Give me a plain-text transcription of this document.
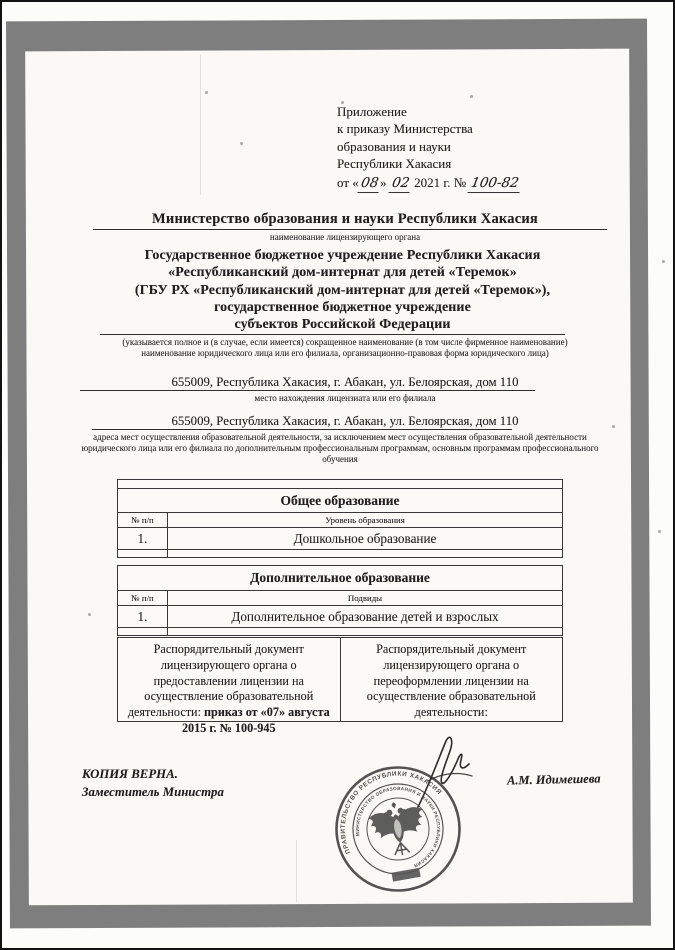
Приложение
к приказу Министерства
образования и науки
Республики Хакасия
от «08» 02 2021 г. № 100-82
Министерство образования и науки Республики Хакасия
наименование лицензирующего органа
Государственное бюджетное учреждение Республики Хакасия
«Республиканский дом-интернат для детей «Теремок»
(ГБУ РХ «Республиканский дом-интернат для детей «Теремок»),
государственное бюджетное учреждение
субъектов Российской Федерации
(указывается полное и (в случае, если имеется) сокращенное наименование (в том числе фирменное наименование) наименование юридического лица или его филиала, организационно-правовая форма юридического лица)
655009, Республика Хакасия, г. Абакан, ул. Белоярская, дом 110
место нахождения лицензиата или его филиала
655009, Республика Хакасия, г. Абакан, ул. Белоярская, дом 110
адреса мест осуществления образовательной деятельности, за исключением мест осуществления образовательной деятельности юридического лица или его филиала по дополнительным профессиональным программам, основным программам профессионального обучения
Общее образование
№ п/п	Уровень образования
1.	Дошкольное образование
Дополнительное образование
№ п/п	Подвиды
1.	Дополнительное образование детей и взрослых
Распорядительный документ лицензирующего органа о предоставлении лицензии на осуществление образовательной деятельности: приказ от «07» августа 2015 г. № 100-945
Распорядительный документ лицензирующего органа о переоформлении лицензии на осуществление образовательной деятельности:
КОПИЯ ВЕРНА.
Заместитель Министра
А.М. Идимешева
ПРАВИТЕЛЬСТВО РЕСПУБЛИКИ ХАКАСИЯ
МИНИСТЕРСТВО ОБРАЗОВАНИЯ И НАУКИ РЕСПУБЛИКИ ХАКАСИЯ
